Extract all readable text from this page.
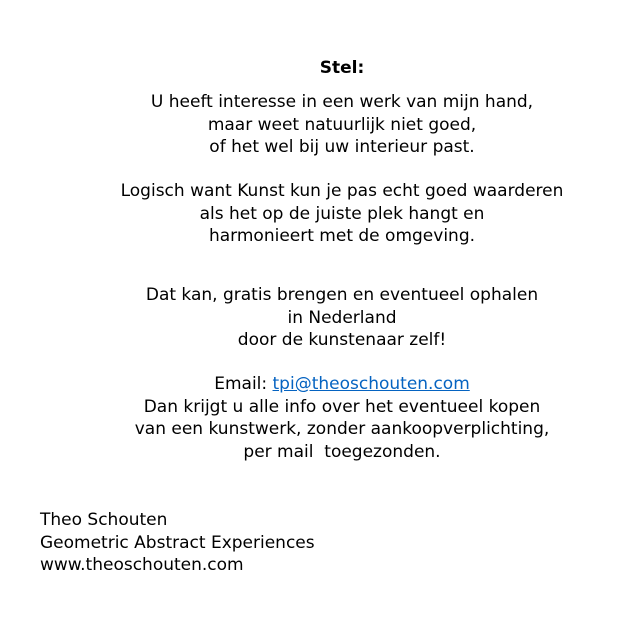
Stel:
U heeft interesse in een werk van mijn hand,
maar weet natuurlijk niet goed,
of het wel bij uw interieur past.
Logisch want Kunst kun je pas echt goed waarderen
als het op de juiste plek hangt en
harmonieert met de omgeving.
Dat kan, gratis brengen en eventueel ophalen
in Nederland
door de kunstenaar zelf!
Email: tpi@theoschouten.com
Dan krijgt u alle info over het eventueel kopen
van een kunstwerk, zonder aankoopverplichting,
per mail  toegezonden.
Theo Schouten
Geometric Abstract Experiences
www.theoschouten.com
